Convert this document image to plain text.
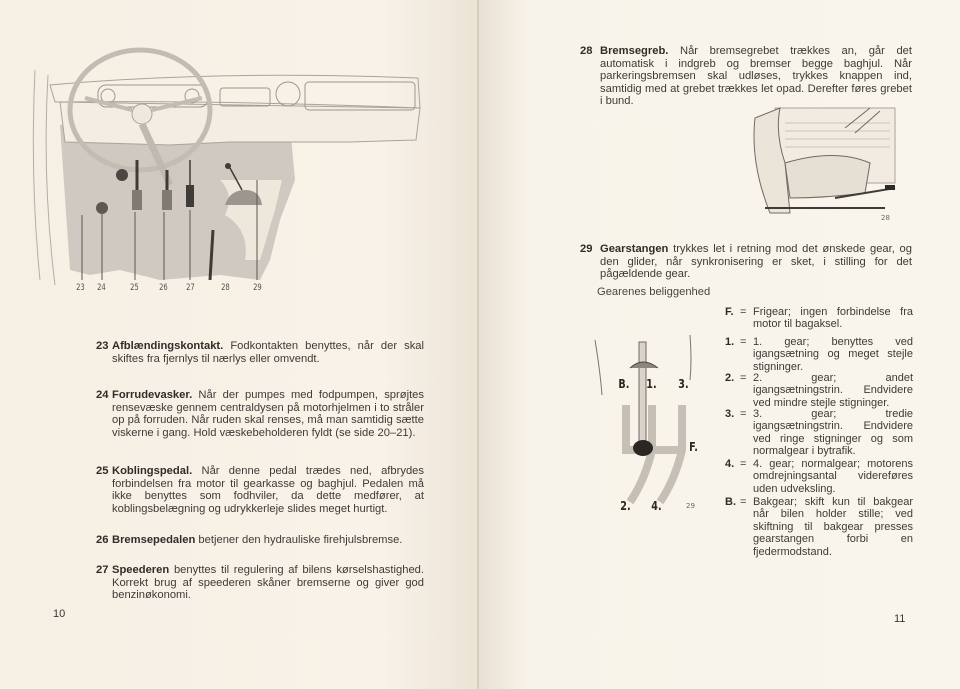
23 24	25 26 27	28	29
23 Afblændingskontakt. Fodkontakten benyttes, når der skal skiftes fra fjernlys til nærlys eller omvendt.
24 Forrudevasker. Når der pumpes med fodpumpen, sprøjtes rensevæske gennem centraldysen på motorhjelmen i to stråler op på forruden. Når ruden skal renses, må man samtidig sætte viskerne i gang. Hold væskebeholderen fyldt (se side 20–21).
25 Koblingspedal. Når denne pedal trædes ned, afbrydes forbindelsen fra motor til gearkasse og baghjul. Pedalen må ikke benyttes som fodhviler, da dette medfører, at koblingsbelægning og udrykkerleje slides meget hurtigt.
26 Bremsepedalen betjener den hydrauliske firehjulsbremse.
27 Speederen benyttes til regulering af bilens kørselshastighed. Korrekt brug af speederen skåner bremserne og giver god benzinøkonomi.
10
28 Bremsegreb. Når bremsegrebet trækkes an, går det automatisk i indgreb og bremser begge baghjul. Når parkeringsbremsen skal udløses, trykkes knappen ind, samtidig med at grebet trækkes let opad. Derefter føres grebet i bund.
28
29 Gearstangen trykkes let i retning mod det ønskede gear, og den glider, når synkronisering er sket, i stilling for det pågældende gear.
Gearenes beliggenhed
B. 1. 3.
F.
2. 4.	29
F. = Frigear; ingen forbindelse fra motor til bagaksel.
1. = 1. gear; benyttes ved igangsætning og meget stejle stigninger.
2. = 2. gear; andet igangsætningstrin. Endvidere ved mindre stejle stigninger.
3. = 3. gear; tredie igangsætningstrin. Endvidere ved ringe stigninger og som normalgear i bytrafik.
4. = 4. gear; normalgear; motorens omdrejningsantal videreføres uden udveksling.
B. = Bakgear; skift kun til bakgear når bilen holder stille; ved skiftning til bakgear presses gearstangen forbi en fjedermodstand.
11
